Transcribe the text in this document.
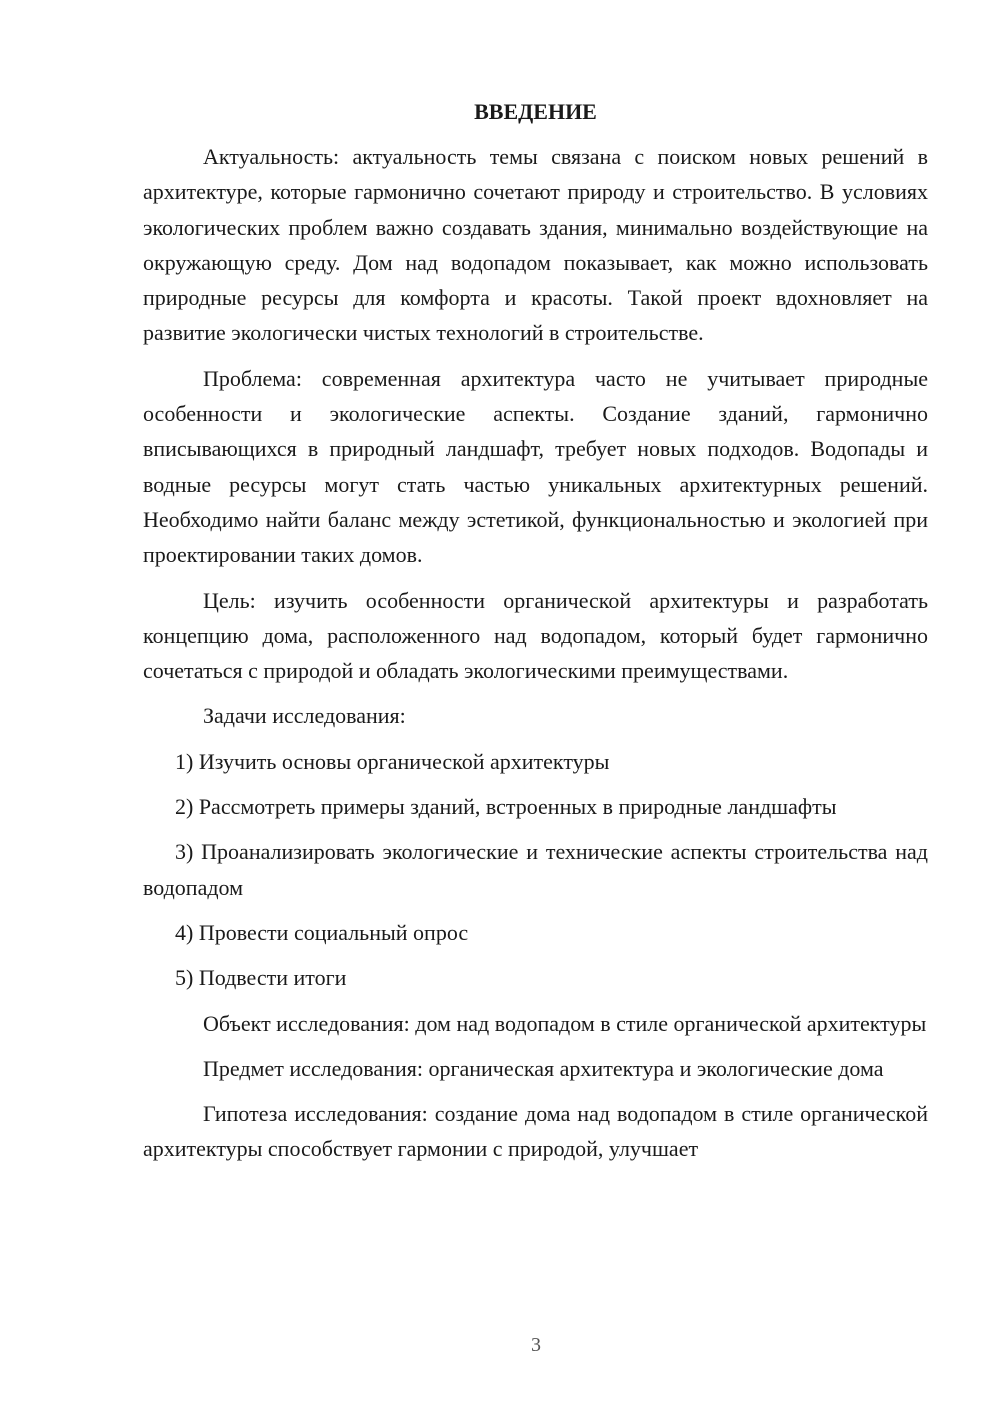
ВВЕДЕНИЕ

Актуальность: актуальность темы связана с поиском новых решений в архитектуре, которые гармонично сочетают природу и строительство. В условиях экологических проблем важно создавать здания, минимально воздействующие на окружающую среду. Дом над водопадом показывает, как можно использовать природные ресурсы для комфорта и красоты. Такой проект вдохновляет на развитие экологически чистых технологий в строительстве.

Проблема: современная архитектура часто не учитывает природные особенности и экологические аспекты. Создание зданий, гармонично вписывающихся в природный ландшафт, требует новых подходов. Водопады и водные ресурсы могут стать частью уникальных архитектурных решений. Необходимо найти баланс между эстетикой, функциональностью и экологией при проектировании таких домов.

Цель: изучить особенности органической архитектуры и разработать концепцию дома, расположенного над водопадом, который будет гармонично сочетаться с природой и обладать экологическими преимуществами.

Задачи исследования:

1) Изучить основы органической архитектуры

2) Рассмотреть примеры зданий, встроенных в природные ландшафты

3) Проанализировать экологические и технические аспекты строительства над водопадом

4) Провести социальный опрос

5) Подвести итоги

Объект исследования: дом над водопадом в стиле органической архитектуры

Предмет исследования: органическая архитектура и экологические дома

Гипотеза исследования: создание дома над водопадом в стиле органической архитектуры способствует гармонии с природой, улучшает

3
